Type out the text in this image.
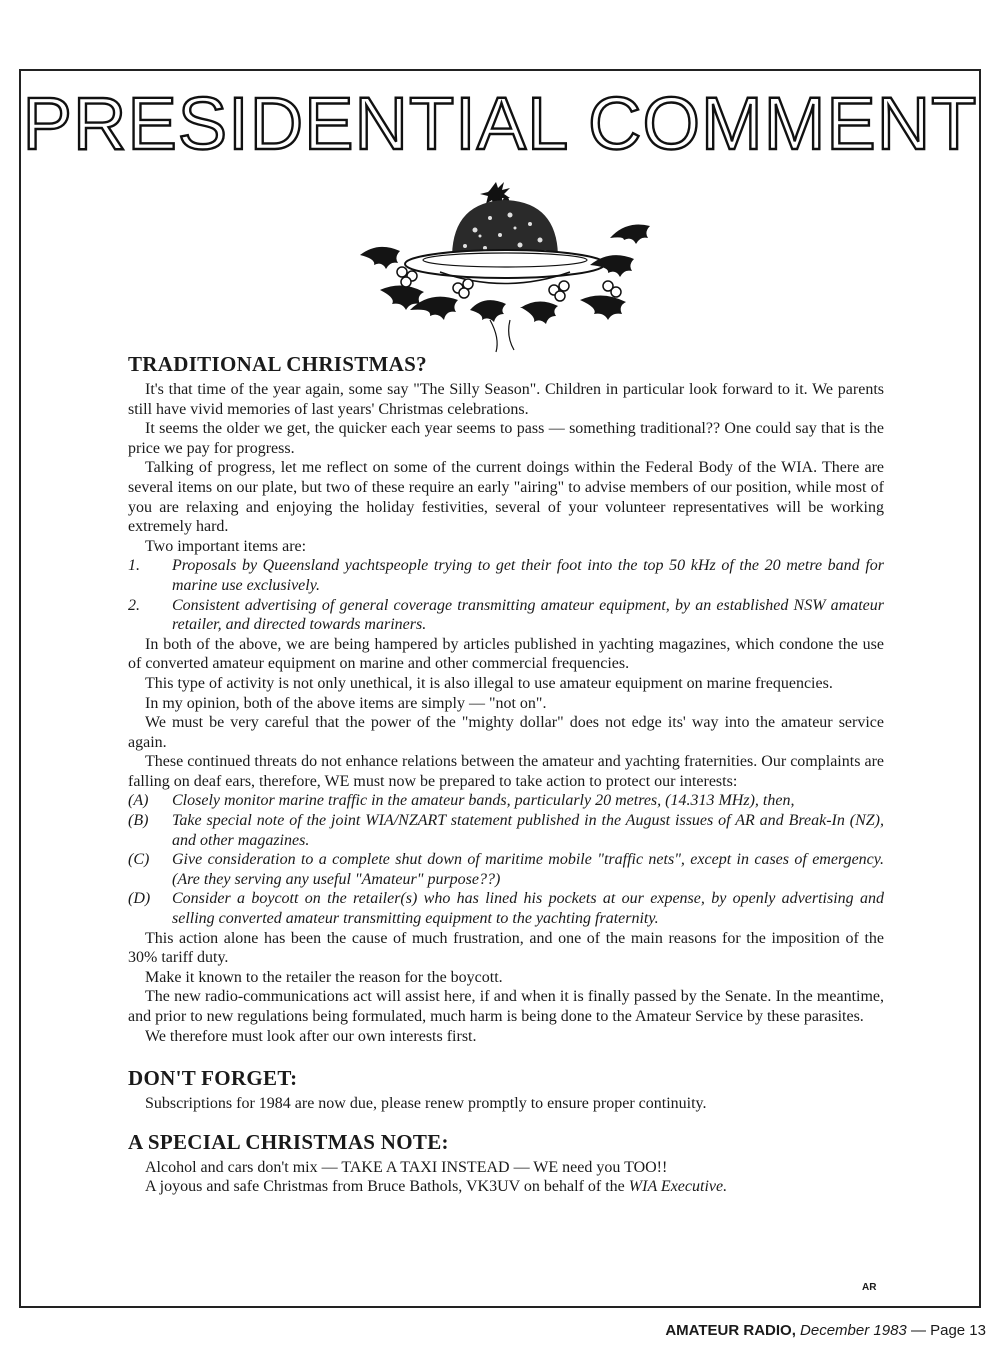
PRESIDENTIAL COMMENT
TRADITIONAL CHRISTMAS?

It's that time of the year again, some say "The Silly Season". Children in particular look forward to it. We parents still have vivid memories of last years' Christmas celebrations.

It seems the older we get, the quicker each year seems to pass — something traditional?? One could say that is the price we pay for progress.

Talking of progress, let me reflect on some of the current doings within the Federal Body of the WIA. There are several items on our plate, but two of these require an early "airing" to advise members of our position, while most of you are relaxing and enjoying the holiday festivities, several of your volunteer representatives will be working extremely hard.

Two important items are:

1.	Proposals by Queensland yachtspeople trying to get their foot into the top 50 kHz of the 20 metre band for marine use exclusively.
2.	Consistent advertising of general coverage transmitting amateur equipment, by an established NSW amateur retailer, and directed towards mariners.

In both of the above, we are being hampered by articles published in yachting magazines, which condone the use of converted amateur equipment on marine and other commercial frequencies.

This type of activity is not only unethical, it is also illegal to use amateur equipment on marine frequencies.

In my opinion, both of the above items are simply — "not on".

We must be very careful that the power of the "mighty dollar" does not edge its' way into the amateur service again.

These continued threats do not enhance relations between the amateur and yachting fraternities. Our complaints are falling on deaf ears, therefore, WE must now be prepared to take action to protect our interests:

(A)	Closely monitor marine traffic in the amateur bands, particularly 20 metres, (14.313 MHz), then,
(B)	Take special note of the joint WIA/NZART statement published in the August issues of AR and Break-In (NZ), and other magazines.
(C)	Give consideration to a complete shut down of maritime mobile "traffic nets", except in cases of emergency. (Are they serving any useful "Amateur" purpose??)
(D)	Consider a boycott on the retailer(s) who has lined his pockets at our expense, by openly advertising and selling converted amateur transmitting equipment to the yachting fraternity.

This action alone has been the cause of much frustration, and one of the main reasons for the imposition of the 30% tariff duty.

Make it known to the retailer the reason for the boycott.

The new radio-communications act will assist here, if and when it is finally passed by the Senate. In the meantime, and prior to new regulations being formulated, much harm is being done to the Amateur Service by these parasites.

We therefore must look after our own interests first.

DON'T FORGET:

Subscriptions for 1984 are now due, please renew promptly to ensure proper continuity.

A SPECIAL CHRISTMAS NOTE:

Alcohol and cars don't mix — TAKE A TAXI INSTEAD — WE need you TOO!!

A joyous and safe Christmas from Bruce Bathols, VK3UV on behalf of the WIA Executive.

AR
AMATEUR RADIO, December 1983 — Page 13
